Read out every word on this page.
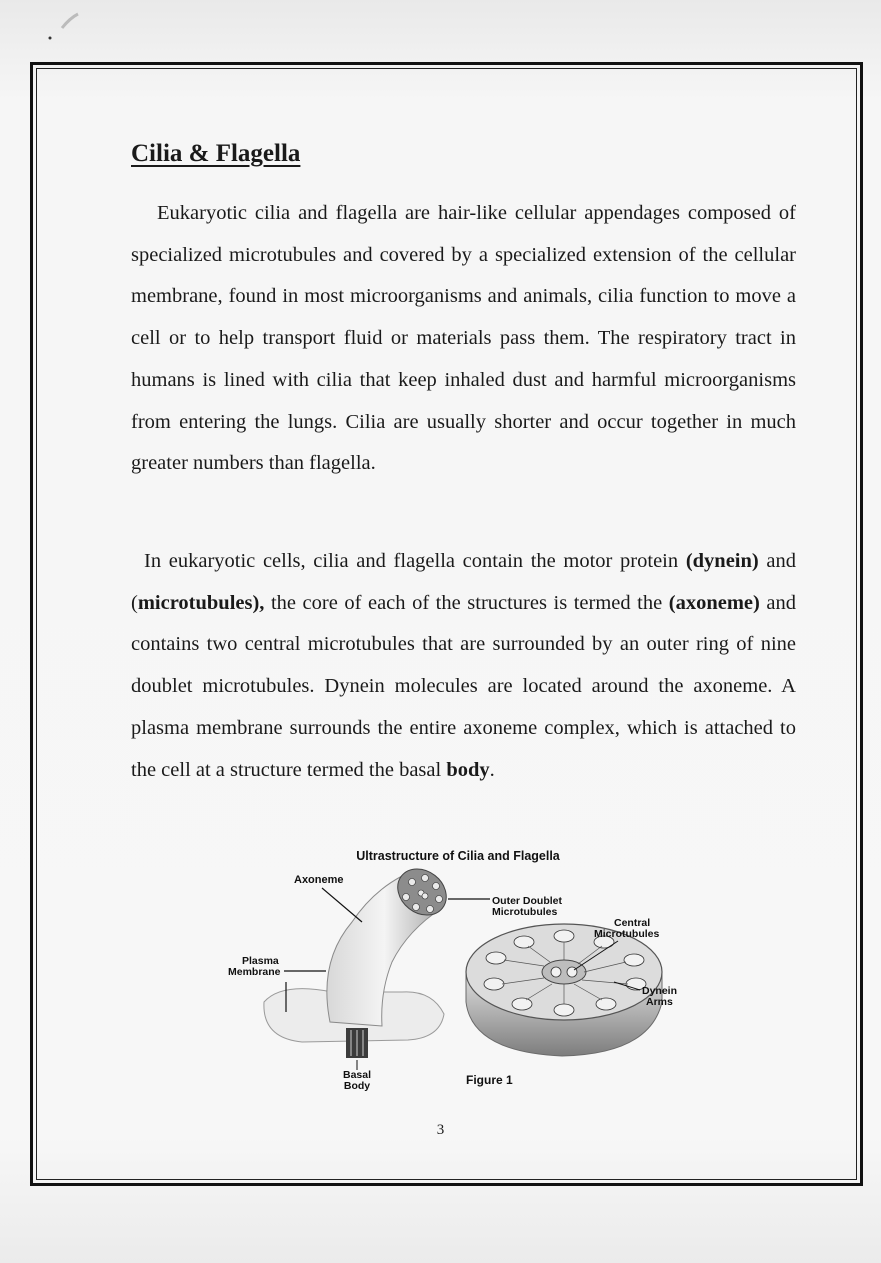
Cilia & Flagella

Eukaryotic cilia and flagella are hair-like cellular appendages composed of specialized microtubules and covered by a specialized extension of the cellular membrane, found in most microorganisms and animals, cilia function to move a cell or to help transport fluid or materials pass them. The respiratory tract in humans is lined with cilia that keep inhaled dust and harmful microorganisms from entering the lungs. Cilia are usually shorter and occur together in much greater numbers than flagella.

In eukaryotic cells, cilia and flagella contain the motor protein (dynein) and (microtubules), the core of each of the structures is termed the (axoneme) and contains two central microtubules that are surrounded by an outer ring of nine doublet microtubules. Dynein molecules are located around the axoneme. A plasma membrane surrounds the entire axoneme complex, which is attached to the cell at a structure termed the basal body.

Ultrastructure of Cilia and Flagella
Axoneme
Outer Doublet
Microtubules
Central
Microtubules
Plasma
Membrane
Dynein
Arms
Basal
Body	Figure 1
3
